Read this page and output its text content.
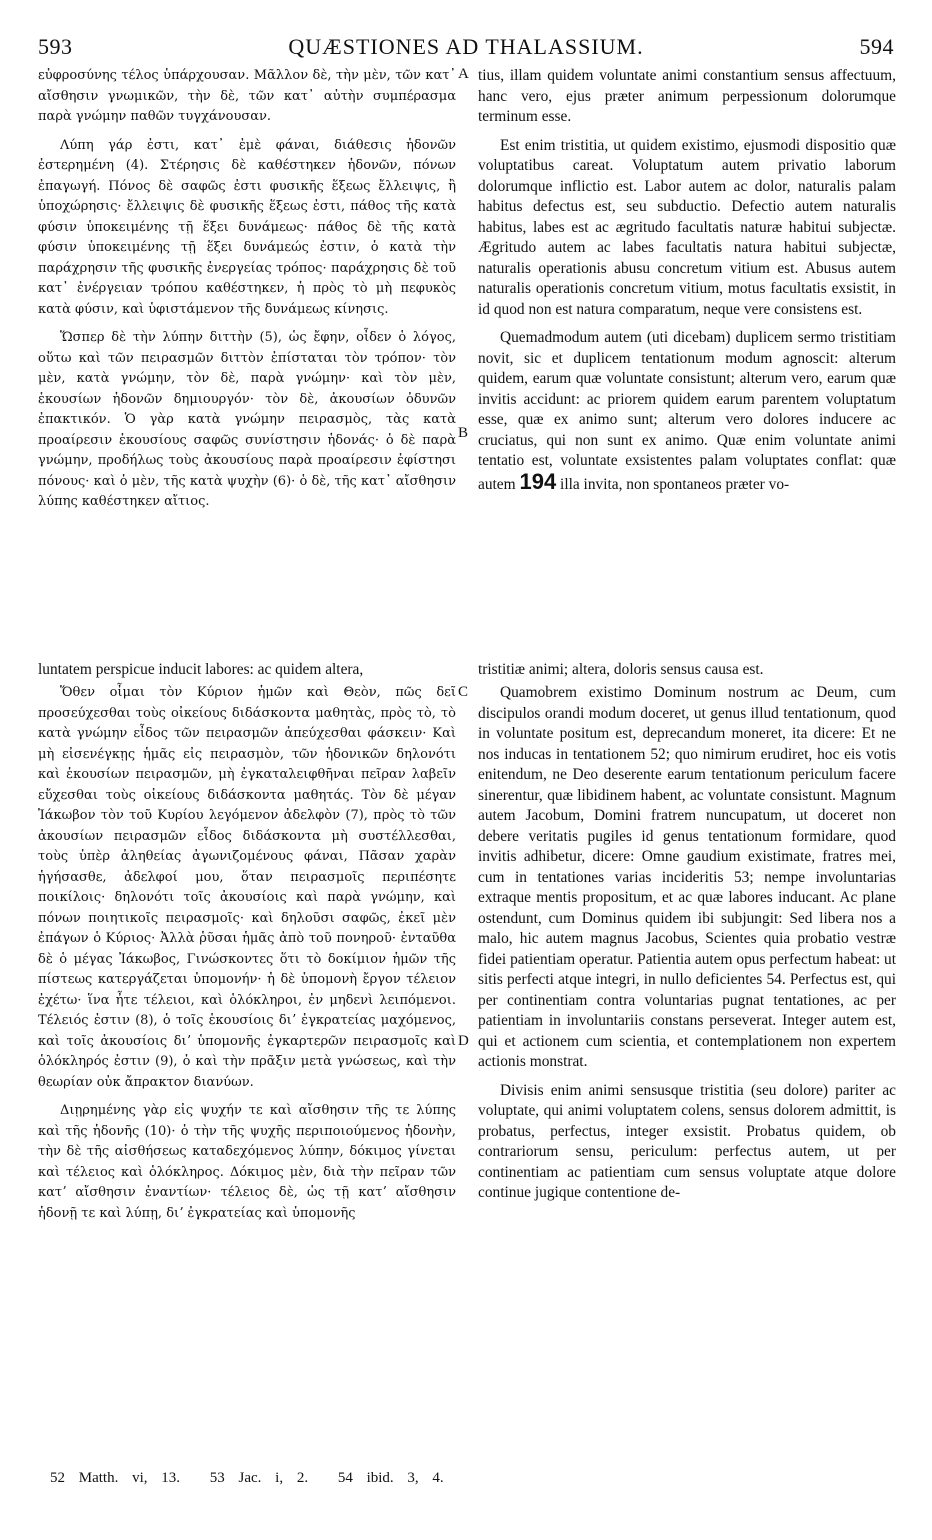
593	QUÆSTIONES AD THALASSIUM.	594

εὐφροσύνης τέλος ὑπάρχουσαν. Μᾶλλον δὲ, τὴν μὲν, τῶν κατ᾽ αἴσθησιν γνωμικῶν, τὴν δὲ, τῶν κατ᾽ αὐτὴν συμπέρασμα παρὰ γνώμην παθῶν τυγχάνουσαν.

Λύπη γάρ ἐστι, κατ᾽ ἐμὲ φάναι, διάθεσις ἡδονῶν ἐστερημένη (4). Στέρησις δὲ καθέστηκεν ἡδονῶν, πόνων ἐπαγωγή. Πόνος δὲ σαφῶς ἐστι φυσικῆς ἕξεως ἔλλειψις, ἢ ὑποχώρησις· ἔλλειψις δὲ φυσικῆς ἕξεως ἐστι, πάθος τῆς κατὰ φύσιν ὑποκειμένης τῇ ἕξει δυνάμεως· πάθος δὲ τῆς κατὰ φύσιν ὑποκειμένης τῇ ἕξει δυνάμεώς ἐστιν, ὁ κατὰ τὴν παράχρησιν τῆς φυσικῆς ἐνεργείας τρόπος· παράχρησις δὲ τοῦ κατ᾽ ἐνέργειαν τρόπου καθέστηκεν, ἡ πρὸς τὸ μὴ πεφυκὸς κατὰ φύσιν, καὶ ὑφιστάμενον τῆς δυνάμεως κίνησις.

Ὥσπερ δὲ τὴν λύπην διττὴν (5), ὡς ἔφην, οἶδεν ὁ λόγος, οὕτω καὶ τῶν πειρασμῶν διττὸν ἐπίσταται τὸν τρόπον· τὸν μὲν, κατὰ γνώμην, τὸν δὲ, παρὰ γνώμην· καὶ τὸν μὲν, ἑκουσίων ἡδονῶν δημιουργόν· τὸν δὲ, ἀκουσίων ὀδυνῶν ἐπακτικόν. Ὁ γὰρ κατὰ γνώμην πειρασμὸς, τὰς κατὰ προαίρεσιν ἑκουσίους σαφῶς συνίστησιν ἡδονάς· ὁ δὲ παρὰ γνώμην, προδήλως τοὺς ἀκουσίους παρὰ προαίρεσιν ἐφίστησι πόνους· καὶ ὁ μὲν, τῆς κατὰ ψυχὴν (6)· ὁ δὲ, τῆς κατ᾽ αἴσθησιν λύπης καθέστηκεν αἴτιος.

luntatem perspicue inducit labores: ac quidem altera,	tristitiæ animi; altera, doloris sensus causa est.

Ὅθεν οἶμαι τὸν Κύριον ἡμῶν καὶ Θεὸν, πῶς δεῖ προσεύχεσθαι τοὺς οἰκείους διδάσκοντα μαθητὰς, πρὸς τὸ, τὸ κατὰ γνώμην εἶδος τῶν πειρασμῶν ἀπεύχεσθαι φάσκειν· Καὶ μὴ εἰσενέγκῃς ἡμᾶς εἰς πειρασμὸν, τῶν ἡδονικῶν δηλονότι καὶ ἑκουσίων πειρασμῶν, μὴ ἐγκαταλειφθῆναι πεῖραν λαβεῖν εὔχεσθαι τοὺς οἰκείους διδάσκοντα μαθητάς. Τὸν δὲ μέγαν Ἰάκωβον τὸν τοῦ Κυρίου λεγόμενον ἀδελφὸν (7), πρὸς τὸ τῶν ἀκουσίων πειρασμῶν εἶδος διδάσκοντα μὴ συστέλλεσθαι, τοὺς ὑπὲρ ἀληθείας ἀγωνιζομένους φάναι, Πᾶσαν χαρὰν ἡγήσασθε, ἀδελφοί μου, ὅταν πειρασμοῖς περιπέσητε ποικίλοις· δηλονότι τοῖς ἀκουσίοις καὶ παρὰ γνώμην, καὶ πόνων ποιητικοῖς πειρασμοῖς· καὶ δηλοῦσι σαφῶς, ἐκεῖ μὲν ἐπάγων ὁ Κύριος· Ἀλλὰ ῥῦσαι ἡμᾶς ἀπὸ τοῦ πονηροῦ· ἐνταῦθα δὲ ὁ μέγας Ἰάκωβος, Γινώσκοντες ὅτι τὸ δοκίμιον ἡμῶν τῆς πίστεως κατεργάζεται ὑπομονήν· ἡ δὲ ὑπομονὴ ἔργον τέλειον ἐχέτω· ἵνα ἦτε τέλειοι, καὶ ὁλόκληροι, ἐν μηδενὶ λειπόμενοι. Τέλειός ἐστιν (8), ὁ τοῖς ἑκουσίοις διʼ ἐγκρατείας μαχόμενος, καὶ τοῖς ἀκουσίοις διʼ ὑπομονῆς ἐγκαρτερῶν πειρασμοῖς καὶ ὁλόκληρός ἐστιν (9), ὁ καὶ τὴν πρᾶξιν μετὰ γνώσεως, καὶ τὴν θεωρίαν οὐκ ἄπρακτον διανύων.

Διῃρημένης γὰρ εἰς ψυχήν τε καὶ αἴσθησιν τῆς τε λύπης καὶ τῆς ἡδονῆς (10)· ὁ τὴν τῆς ψυχῆς περιποιούμενος ἡδονὴν, τὴν δὲ τῆς αἰσθήσεως καταδεχόμενος λύπην, δόκιμος γίνεται καὶ τέλειος καὶ ὁλόκληρος. Δόκιμος μὲν, διὰ τὴν πεῖραν τῶν κατʼ αἴσθησιν ἐναντίων· τέλειος δὲ, ὡς τῇ κατʼ αἴσθησιν ἡδονῇ τε καὶ λύπῃ, διʼ ἐγκρατείας καὶ ὑπομονῆς

tius, illam quidem voluntate animi constantium sensus affectuum, hanc vero, ejus præter animum perpessionum dolorumque terminum esse.

Est enim tristitia, ut quidem existimo, ejusmodi dispositio quæ voluptatibus careat. Voluptatum autem privatio laborum dolorumque inflictio est. Labor autem ac dolor, naturalis palam habitus defectus est, seu subductio. Defectio autem naturalis habitus, labes est ac ægritudo facultatis naturæ habitui subjectæ. Ægritudo autem ac labes facultatis natura habitui subjectæ, naturalis operationis abusu concretum vitium est. Abusus autem naturalis operationis concretum vitium, motus facultatis exsistit, in id quod non est natura comparatum, neque vere consistens est.

Quemadmodum autem (uti dicebam) duplicem sermo tristitiam novit, sic et duplicem tentationum modum agnoscit: alterum quidem, earum quæ voluntate consistunt; alterum vero, earum quæ invitis accidunt: ac priorem quidem earum parentem voluptatum esse, quæ ex animo sunt; alterum vero dolores inducere ac cruciatus, qui non sunt ex animo. Quæ enim voluntate animi tentatio est, voluntate exsistentes palam voluptates conflat: quæ autem 194 illa invita, non spontaneos præter vo-

Quamobrem existimo Dominum nostrum ac Deum, cum discipulos orandi modum doceret, ut genus illud tentationum, quod in voluntate positum est, deprecandum moneret, ita dicere: Et ne nos inducas in tentationem 52; quo nimirum erudiret, hoc eis votis enitendum, ne Deo deserente earum tentationum periculum facere sinerentur, quæ libidinem habent, ac voluntate consistunt. Magnum autem Jacobum, Domini fratrem nuncupatum, ut doceret non debere veritatis pugiles id genus tentationum formidare, quod invitis adhibetur, dicere: Omne gaudium existimate, fratres mei, cum in tentationes varias incideritis 53; nempe involuntarias extraque mentis propositum, et ac quæ labores inducant. Ac plane ostendunt, cum Dominus quidem ibi subjungit: Sed libera nos a malo, hic autem magnus Jacobus, Scientes quia probatio vestræ fidei patientiam operatur. Patientia autem opus perfectum habeat: ut sitis perfecti atque integri, in nullo deficientes 54. Perfectus est, qui per continentiam contra voluntarias pugnat tentationes, ac per patientiam in involuntariis constans perseverat. Integer autem est, qui et actionem cum scientia, et contemplationem non expertem actionis monstrat.

Divisis enim animi sensusque tristitia (seu dolore) pariter ac voluptate, qui animi voluptatem colens, sensus dolorem admittit, is probatus, perfectus, integer exsistit. Probatus quidem, ob contrariorum sensu, periculum: perfectus autem, ut per continentiam ac patientiam cum sensus voluptate atque dolore continue jugique contentione de-

A
B
C
D
52 Matth. vi, 13. 53 Jac. i, 2. 54 ibid. 3, 4.
